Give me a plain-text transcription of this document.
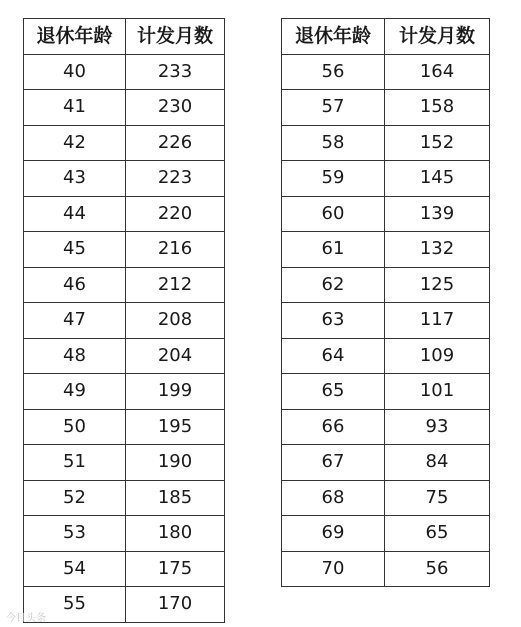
退休年龄	计发月数
40	233
41	230
42	226
43	223
44	220
45	216
46	212
47	208
48	204
49	199
50	195
51	190
52	185
53	180
54	175
55	170
退休年龄	计发月数
56	164
57	158
58	152
59	145
60	139
61	132
62	125
63	117
64	109
65	101
66	93
67	84
68	75
69	65
70	56
今日头条
